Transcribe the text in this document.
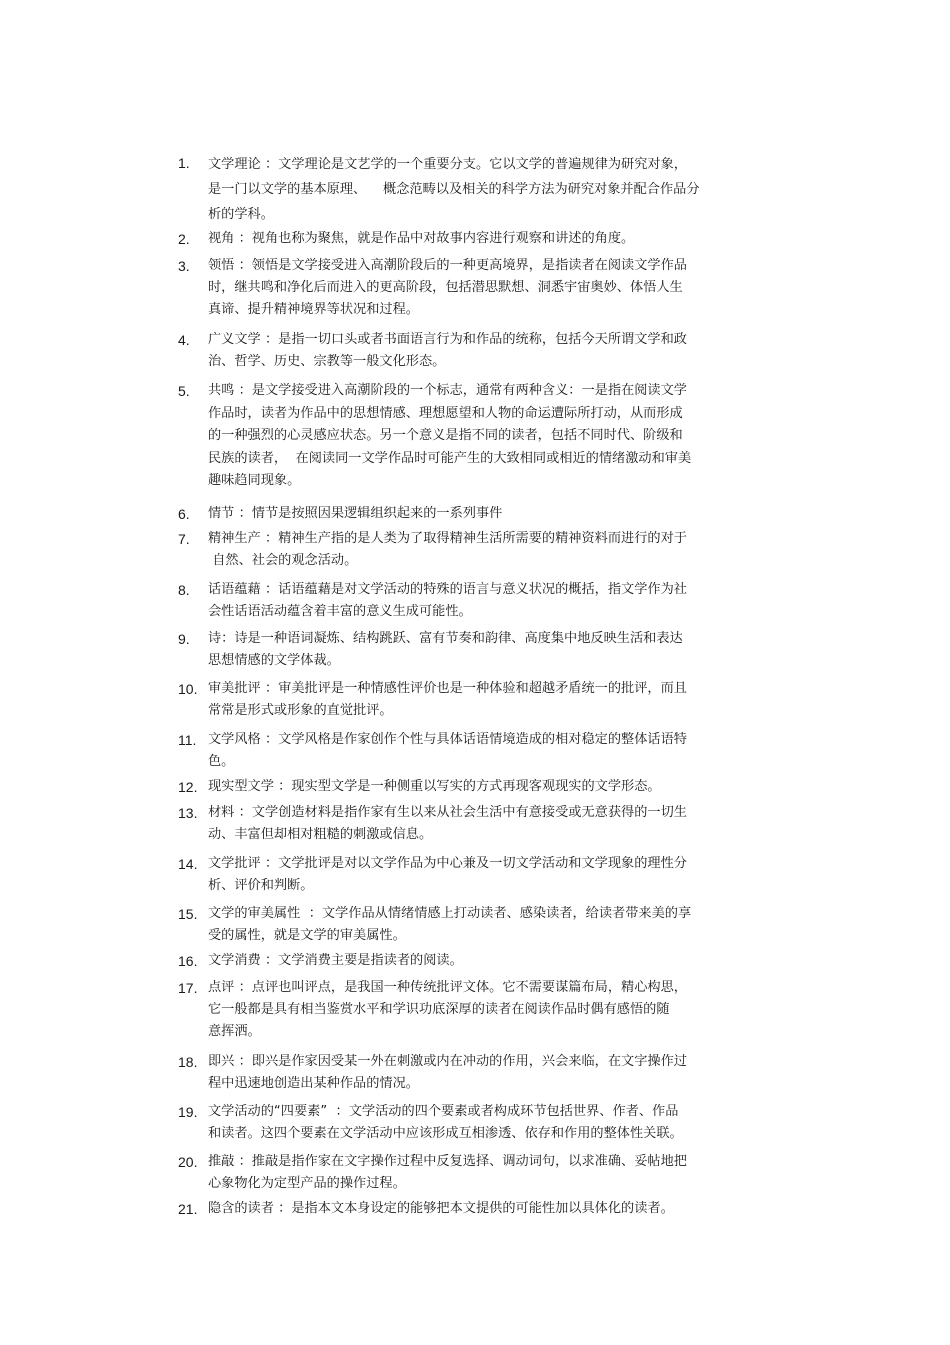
1. 文学理论 ：文学理论是文艺学的一个重要分支。它以文学的普遍规律为研究对象，
是一门以文学的基本原理、    概念范畴以及相关的科学方法为研究对象并配合作品分
析的学科。
2. 视角 ：视角也称为聚焦，就是作品中对故事内容进行观察和讲述的角度。
3. 领悟 ：领悟是文学接受进入高潮阶段后的一种更高境界，是指读者在阅读文学作品
时，继共鸣和净化后而进入的更高阶段，包括潜思默想、洞悉宇宙奥妙、体悟人生
真谛、提升精神境界等状况和过程。
4. 广义文学 ：是指一切口头或者书面语言行为和作品的统称，包括今天所谓文学和政
治、哲学、历史、宗教等一般文化形态。
5. 共鸣 ：是文学接受进入高潮阶段的一个标志，通常有两种含义：一是指在阅读文学
作品时，读者为作品中的思想情感、理想愿望和人物的命运遭际所打动，从而形成
的一种强烈的心灵感应状态。另一个意义是指不同的读者，包括不同时代、阶级和
民族的读者，  在阅读同一文学作品时可能产生的大致相同或相近的情绪激动和审美
趣味趋同现象。
6. 情节 ：情节是按照因果逻辑组织起来的一系列事件
7. 精神生产 ：精神生产指的是人类为了取得精神生活所需要的精神资料而进行的对于
自然、社会的观念活动。
8. 话语蕴藉 ：话语蕴藉是对文学活动的特殊的语言与意义状况的概括，指文学作为社
会性话语活动蕴含着丰富的意义生成可能性。
9. 诗：诗是一种语词凝炼、结构跳跃、富有节奏和韵律、高度集中地反映生活和表达
思想情感的文学体裁。
10. 审美批评 ：审美批评是一种情感性评价也是一种体验和超越矛盾统一的批评，而且
常常是形式或形象的直觉批评。
11. 文学风格 ：文学风格是作家创作个性与具体话语情境造成的相对稳定的整体话语特
色。
12. 现实型文学 ：现实型文学是一种侧重以写实的方式再现客观现实的文学形态。
13. 材料 ：文学创造材料是指作家有生以来从社会生活中有意接受或无意获得的一切生
动、丰富但却相对粗糙的刺激或信息。
14. 文学批评 ：文学批评是对以文学作品为中心兼及一切文学活动和文学现象的理性分
析、评价和判断。
15. 文学的审美属性  ：文学作品从情绪情感上打动读者、感染读者，给读者带来美的享
受的属性，就是文学的审美属性。
16. 文学消费 ：文学消费主要是指读者的阅读。
17. 点评 ：点评也叫评点，是我国一种传统批评文体。它不需要谋篇布局，精心构思，
它一般都是具有相当鉴赏水平和学识功底深厚的读者在阅读作品时偶有感悟的随
意挥洒。
18. 即兴 ：即兴是作家因受某一外在刺激或内在冲动的作用，兴会来临，在文字操作过
程中迅速地创造出某种作品的情况。
19. 文学活动的“四要素”  ：文学活动的四个要素或者构成环节包括世界、作者、作品
和读者。这四个要素在文学活动中应该形成互相渗透、依存和作用的整体性关联。
20. 推敲 ：推敲是指作家在文字操作过程中反复选择、调动词句，以求准确、妥帖地把
心象物化为定型产品的操作过程。
21. 隐含的读者 ：是指本文本身设定的能够把本文提供的可能性加以具体化的读者。
